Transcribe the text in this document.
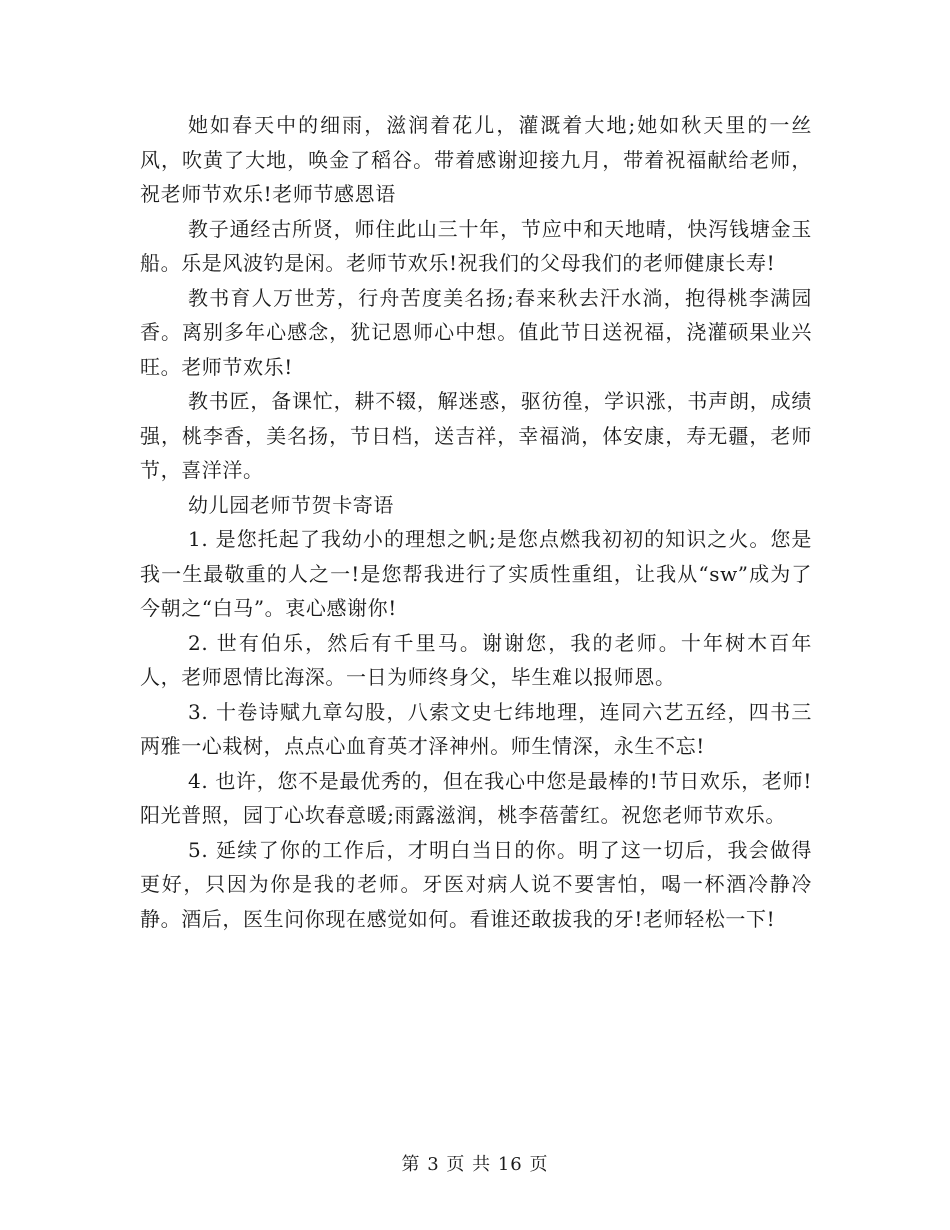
她如春天中的细雨，滋润着花儿，灌溉着大地;她如秋天里的一丝风，吹黄了大地，唤金了稻谷。带着感谢迎接九月，带着祝福献给老师，祝老师节欢乐!老师节感恩语

教子通经古所贤，师住此山三十年，节应中和天地晴，快泻钱塘金玉船。乐是风波钓是闲。老师节欢乐!祝我们的父母我们的老师健康长寿!

教书育人万世芳，行舟苦度美名扬;春来秋去汗水淌，抱得桃李满园香。离别多年心感念，犹记恩师心中想。值此节日送祝福，浇灌硕果业兴旺。老师节欢乐!

教书匠，备课忙，耕不辍，解迷惑，驱彷徨，学识涨，书声朗，成绩强，桃李香，美名扬，节日档，送吉祥，幸福淌，体安康，寿无疆，老师节，喜洋洋。

幼儿园老师节贺卡寄语

1. 是您托起了我幼小的理想之帆;是您点燃我初初的知识之火。您是我一生最敬重的人之一!是您帮我进行了实质性重组，让我从“sw”成为了今朝之“白马”。衷心感谢你!

2. 世有伯乐，然后有千里马。谢谢您，我的老师。十年树木百年人，老师恩情比海深。一日为师终身父，毕生难以报师恩。

3. 十卷诗赋九章勾股，八索文史七纬地理，连同六艺五经，四书三两雅一心栽树，点点心血育英才泽神州。师生情深，永生不忘!

4. 也许，您不是最优秀的，但在我心中您是最棒的!节日欢乐，老师!阳光普照，园丁心坎春意暖;雨露滋润，桃李蓓蕾红。祝您老师节欢乐。

5. 延续了你的工作后，才明白当日的你。明了这一切后，我会做得更好，只因为你是我的老师。牙医对病人说不要害怕，喝一杯酒冷静冷静。酒后，医生问你现在感觉如何。看谁还敢拔我的牙!老师轻松一下!

第 3 页 共 16 页
